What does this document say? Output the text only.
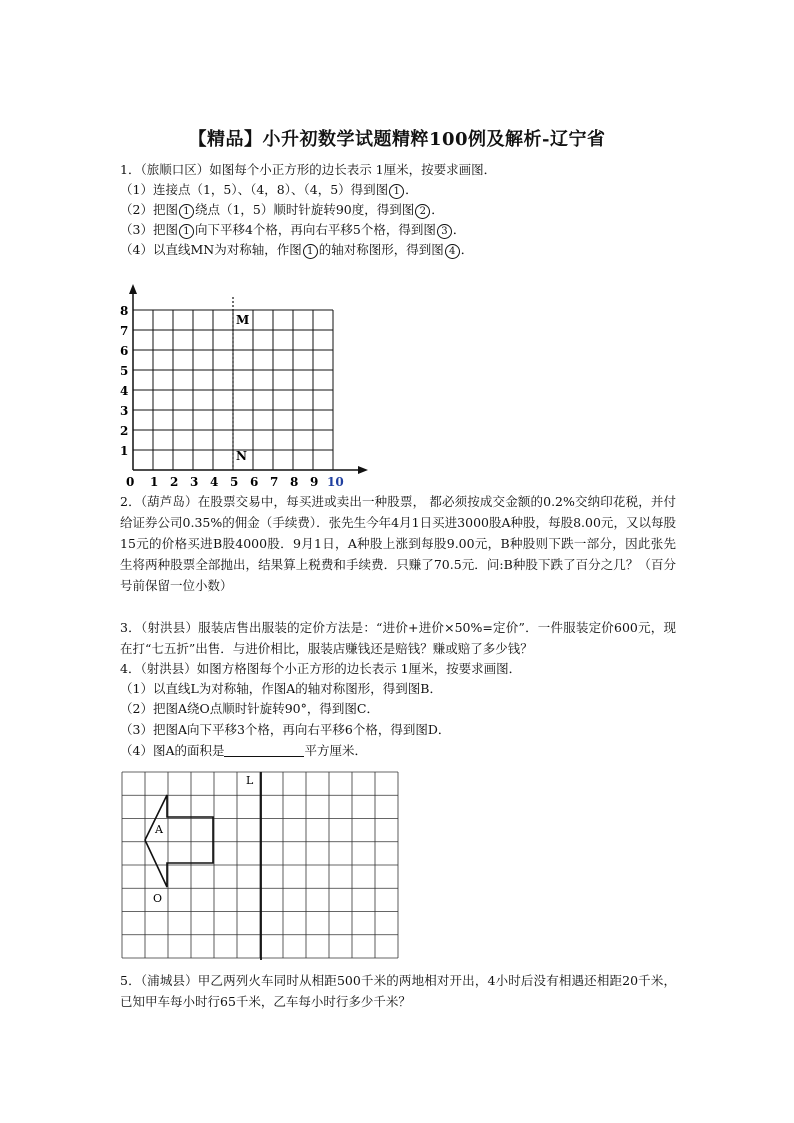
【精品】小升初数学试题精粹100例及解析-辽宁省
1．（旅顺口区）如图每个小正方形的边长表示 1厘米，按要求画图．
（1）连接点（1，5）、（4，8）、（4，5）得到图 1 ．
（2）把图 1 绕点（1，5）顺时针旋转90度，得到图 2 ．
（3）把图 1 向下平移4个格，再向右平移5个格，得到图 3 ．
（4）以直线MN为对称轴，作图 1 的轴对称图形，得到图 4 ．
8
7
6
5
4
3
2
1
0 1 2 3 4 5 6 7 8 9 10
M
N
2．（葫芦岛）在股票交易中，每买进或卖出一种股票， 都必须按成交金额的0.2%交纳印花税，并付给证券公司0.35%的佣金（手续费）．张先生今年4月1日买进3000股A种股，每股8.00元，又以每股15元的价格买进B股4000股．9月1日，A种股上涨到每股9.00元，B种股则下跌一部分，因此张先生将两种股票全部抛出，结果算上税费和手续费．只赚了70.5元．问:B种股下跌了百分之几？（百分号前保留一位小数）
3．（射洪县）服装店售出服装的定价方法是：“进价+进价×50%=定价”．一件服装定价600元，现在打“七五折”出售．与进价相比，服装店赚钱还是赔钱？赚或赔了多少钱？
4．（射洪县）如图方格图每个小正方形的边长表示 1厘米，按要求画图．
（1）以直线L为对称轴，作图A的轴对称图形，得到图B．
（2）把图A绕O点顺时针旋转90°，得到图C．
（3）把图A向下平移3个格，再向右平移6个格，得到图D．
（4）图A的面积是	平方厘米．
L
A
O
5．（浦城县）甲乙两列火车同时从相距500千米的两地相对开出，4小时后没有相遇还相距20千米，已知甲车每小时行65千米，乙车每小时行多少千米？
